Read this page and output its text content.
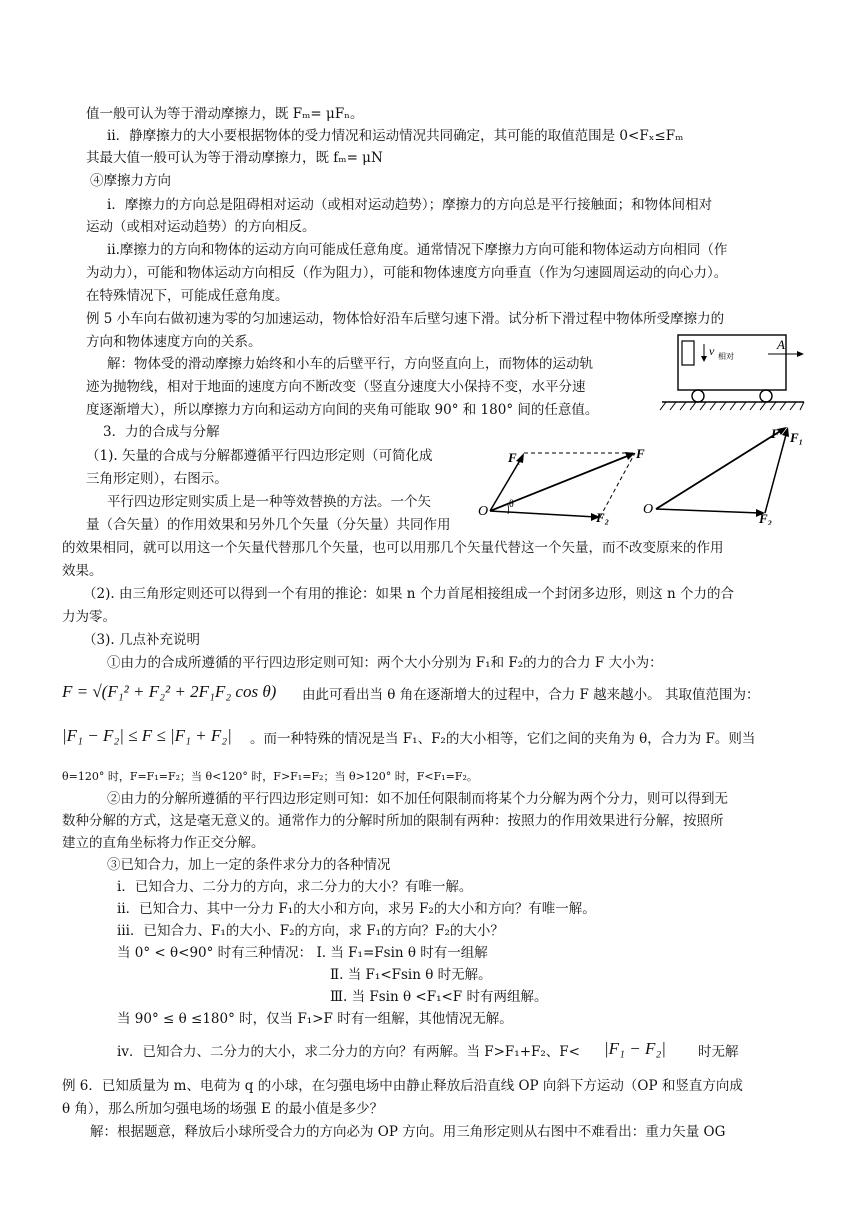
值一般可认为等于滑动摩擦力，既 Fₘ= μFₙ。
ⅱ．静摩擦力的大小要根据物体的受力情况和运动情况共同确定，其可能的取值范围是 0<Fₓ≤Fₘ
其最大值一般可认为等于滑动摩擦力，既 fₘ= μN
④摩擦力方向
ⅰ．摩擦力的方向总是阻碍相对运动（或相对运动趋势）；摩擦力的方向总是平行接触面；和物体间相对
运动（或相对运动趋势）的方向相反。
ⅱ.摩擦力的方向和物体的运动方向可能成任意角度。通常情况下摩擦力方向可能和物体运动方向相同（作
为动力），可能和物体运动方向相反（作为阻力），可能和物体速度方向垂直（作为匀速圆周运动的向心力）。
在特殊情况下，可能成任意角度。
例 5 小车向右做初速为零的匀加速运动，物体恰好沿车后壁匀速下滑。试分析下滑过程中物体所受摩擦力的
方向和物体速度方向的关系。
解：物体受的滑动摩擦力始终和小车的后壁平行，方向竖直向上，而物体的运动轨
迹为抛物线，相对于地面的速度方向不断改变（竖直分速度大小保持不变，水平分速
度逐渐增大），所以摩擦力方向和运动方向间的夹角可能取 90° 和 180° 间的任意值。
v 相对
A
3．力的合成与分解
（1). 矢量的合成与分解都遵循平行四边形定则（可简化成
三角形定则），右图示。
平行四边形定则实质上是一种等效替换的方法。一个矢
量（合矢量）的作用效果和另外几个矢量（分矢量）共同作用
O
F₁
F₂
F
θ	O
F F₁
F₂
的效果相同，就可以用这一个矢量代替那几个矢量，也可以用那几个矢量代替这一个矢量，而不改变原来的作用
效果。
（2). 由三角形定则还可以得到一个有用的推论：如果 n 个力首尾相接组成一个封闭多边形，则这 n 个力的合
力为零。
（3). 几点补充说明
①由力的合成所遵循的平行四边形定则可知：两个大小分别为 F₁和 F₂的力的合力 F 大小为：
F = √(F₁² + F₂² + 2F₁F₂ cos θ) 由此可看出当 θ 角在逐渐增大的过程中，合力 F 越来越小。 其取值范围为：
|F₁ − F₂| ≤ F ≤ |F₁ + F₂| 。而一种特殊的情况是当 F₁、F₂的大小相等，它们之间的夹角为 θ，合力为 F。则当
θ=120° 时，F=F₁=F₂；当 θ<120° 时，F>F₁=F₂；当 θ>120° 时，F<F₁=F₂。
②由力的分解所遵循的平行四边形定则可知：如不加任何限制而将某个力分解为两个分力，则可以得到无
数种分解的方式，这是毫无意义的。通常作力的分解时所加的限制有两种：按照力的作用效果进行分解，按照所
建立的直角坐标将力作正交分解。
③已知合力，加上一定的条件求分力的各种情况
ⅰ．已知合力、二分力的方向，求二分力的大小？有唯一解。
ⅱ．已知合力、其中一分力 F₁的大小和方向，求另 F₂的大小和方向？有唯一解。
ⅲ．已知合力、F₁的大小、F₂的方向，求 F₁的方向？F₂的大小？
当 0° < θ<90° 时有三种情况： Ⅰ. 当 F₁=Fsin θ 时有一组解
Ⅱ. 当 F₁<Fsin θ 时无解。
Ⅲ. 当 Fsin θ <F₁<F 时有两组解。
当 90° ≤ θ ≤180° 时，仅当 F₁>F 时有一组解，其他情况无解。
ⅳ．已知合力、二分力的大小，求二分力的方向？有两解。当 F>F₁+F₂、F< |F₁ − F₂| 时无解
例 6．已知质量为 m、电荷为 q 的小球，在匀强电场中由静止释放后沿直线 OP 向斜下方运动（OP 和竖直方向成
θ 角），那么所加匀强电场的场强 E 的最小值是多少？
解：根据题意，释放后小球所受合力的方向必为 OP 方向。用三角形定则从右图中不难看出：重力矢量 OG
